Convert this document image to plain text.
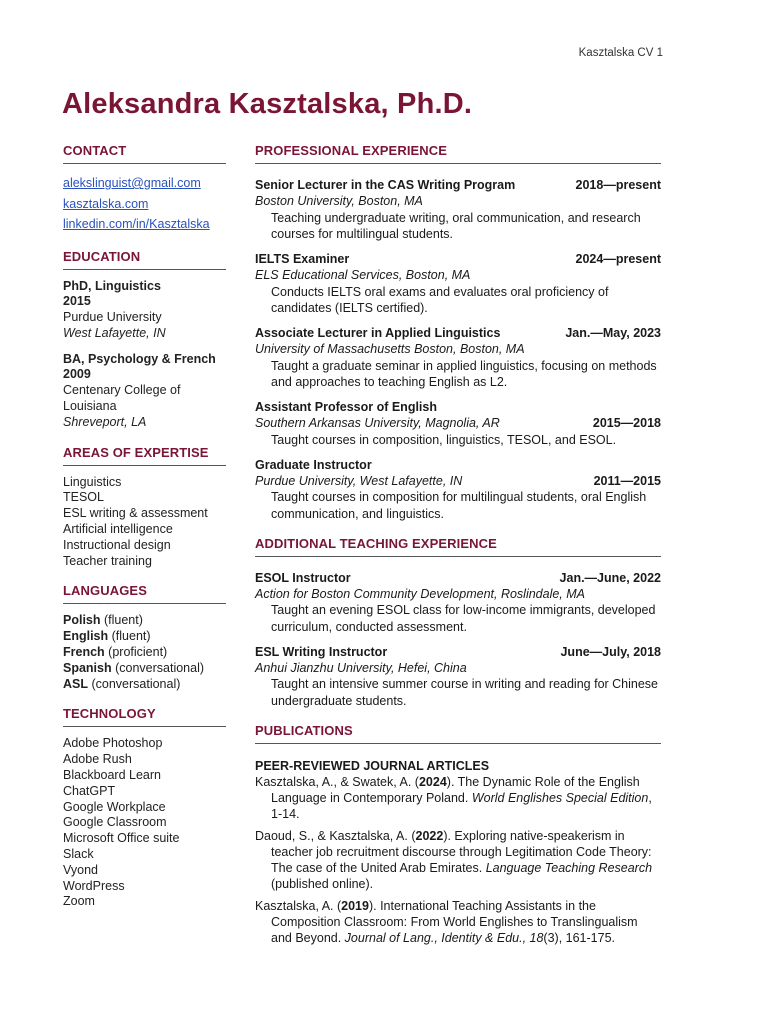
Kasztalska CV 1
Aleksandra Kasztalska, Ph.D.
CONTACT
alekslinguist@gmail.com
kasztalska.com
linkedin.com/in/Kasztalska
EDUCATION
PhD, Linguistics
2015
Purdue University
West Lafayette, IN
BA, Psychology & French
2009
Centenary College of Louisiana
Shreveport, LA
AREAS OF EXPERTISE
Linguistics
TESOL
ESL writing & assessment
Artificial intelligence
Instructional design
Teacher training
LANGUAGES
Polish (fluent)
English (fluent)
French (proficient)
Spanish (conversational)
ASL (conversational)
TECHNOLOGY
Adobe Photoshop
Adobe Rush
Blackboard Learn
ChatGPT
Google Workplace
Google Classroom
Microsoft Office suite
Slack
Vyond
WordPress
Zoom
PROFESSIONAL EXPERIENCE
Senior Lecturer in the CAS Writing Program	2018—present
Boston University, Boston, MA
Teaching undergraduate writing, oral communication, and research courses for multilingual students.
IELTS Examiner	2024—present
ELS Educational Services, Boston, MA
Conducts IELTS oral exams and evaluates oral proficiency of candidates (IELTS certified).
Associate Lecturer in Applied Linguistics	Jan.—May, 2023
University of Massachusetts Boston, Boston, MA
Taught a graduate seminar in applied linguistics, focusing on methods and approaches to teaching English as L2.
Assistant Professor of English
Southern Arkansas University, Magnolia, AR	2015—2018
Taught courses in composition, linguistics, TESOL, and ESOL.
Graduate Instructor
Purdue University, West Lafayette, IN	2011—2015
Taught courses in composition for multilingual students, oral English communication, and linguistics.
ADDITIONAL TEACHING EXPERIENCE
ESOL Instructor	Jan.—June, 2022
Action for Boston Community Development, Roslindale, MA
Taught an evening ESOL class for low-income immigrants, developed curriculum, conducted assessment.
ESL Writing Instructor	June—July, 2018
Anhui Jianzhu University, Hefei, China
Taught an intensive summer course in writing and reading for Chinese undergraduate students.
PUBLICATIONS
PEER-REVIEWED JOURNAL ARTICLES
Kasztalska, A., & Swatek, A. (2024). The Dynamic Role of the English Language in Contemporary Poland. World Englishes Special Edition, 1-14.
Daoud, S., & Kasztalska, A. (2022). Exploring native-speakerism in teacher job recruitment discourse through Legitimation Code Theory: The case of the United Arab Emirates. Language Teaching Research (published online).
Kasztalska, A. (2019). International Teaching Assistants in the Composition Classroom: From World Englishes to Translingualism and Beyond. Journal of Lang., Identity & Edu., 18(3), 161-175.
